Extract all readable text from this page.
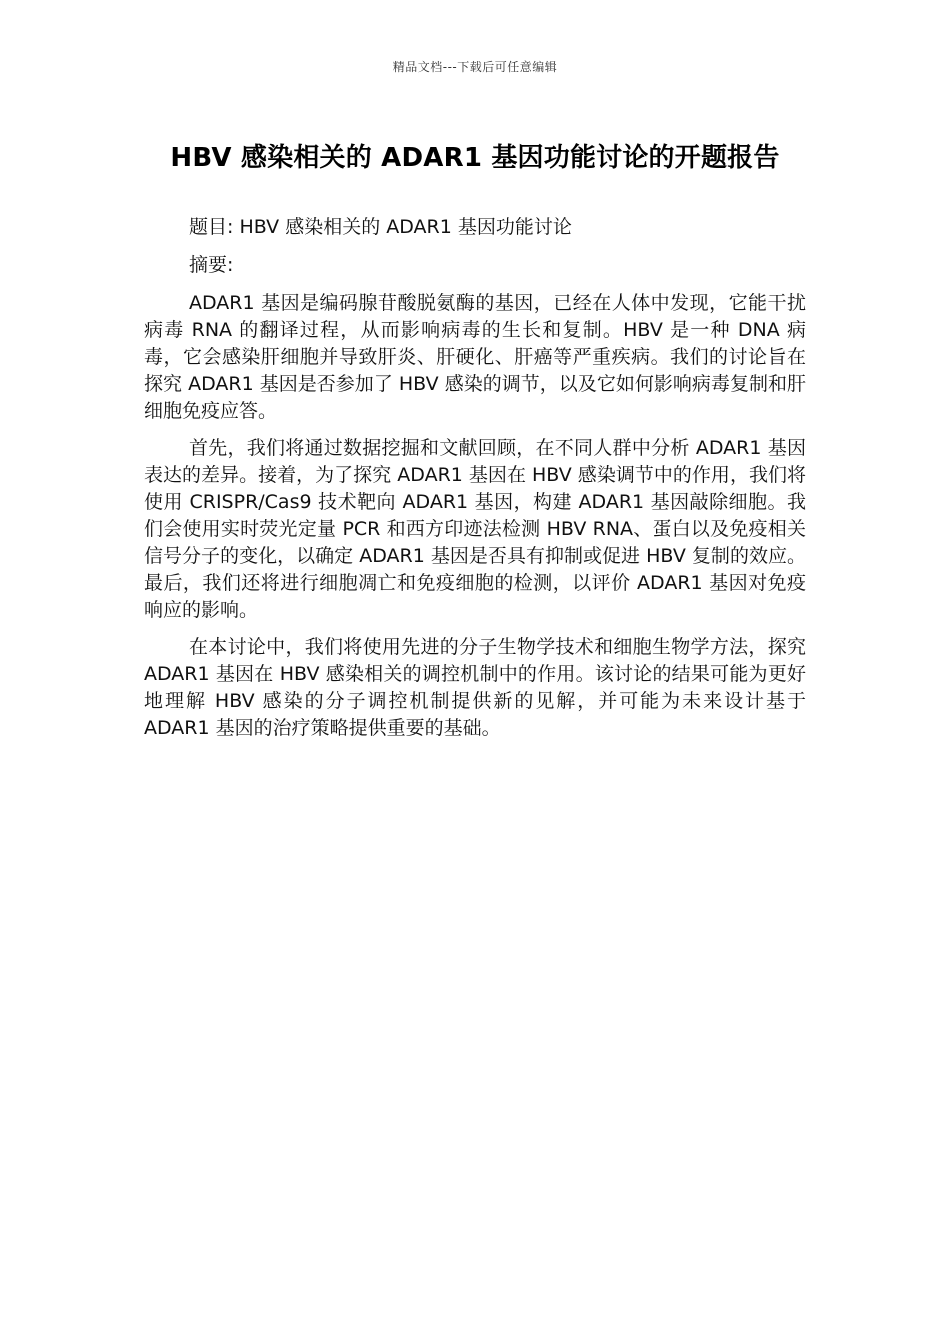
精品文档---下载后可任意编辑
HBV 感染相关的 ADAR1 基因功能讨论的开题报告

题目: HBV 感染相关的 ADAR1 基因功能讨论

摘要:

ADAR1 基因是编码腺苷酸脱氨酶的基因，已经在人体中发现，它能干扰病毒 RNA 的翻译过程，从而影响病毒的生长和复制。HBV 是一种 DNA 病毒，它会感染肝细胞并导致肝炎、肝硬化、肝癌等严重疾病。我们的讨论旨在探究 ADAR1 基因是否参加了 HBV 感染的调节，以及它如何影响病毒复制和肝细胞免疫应答。

首先，我们将通过数据挖掘和文献回顾，在不同人群中分析 ADAR1 基因表达的差异。接着，为了探究 ADAR1 基因在 HBV 感染调节中的作用，我们将使用 CRISPR/Cas9 技术靶向 ADAR1 基因，构建 ADAR1 基因敲除细胞。我们会使用实时荧光定量 PCR 和西方印迹法检测 HBV RNA、蛋白以及免疫相关信号分子的变化，以确定 ADAR1 基因是否具有抑制或促进 HBV 复制的效应。最后，我们还将进行细胞凋亡和免疫细胞的检测，以评价 ADAR1 基因对免疫响应的影响。

在本讨论中，我们将使用先进的分子生物学技术和细胞生物学方法，探究 ADAR1 基因在 HBV 感染相关的调控机制中的作用。该讨论的结果可能为更好地理解 HBV 感染的分子调控机制提供新的见解，并可能为未来设计基于 ADAR1 基因的治疗策略提供重要的基础。
